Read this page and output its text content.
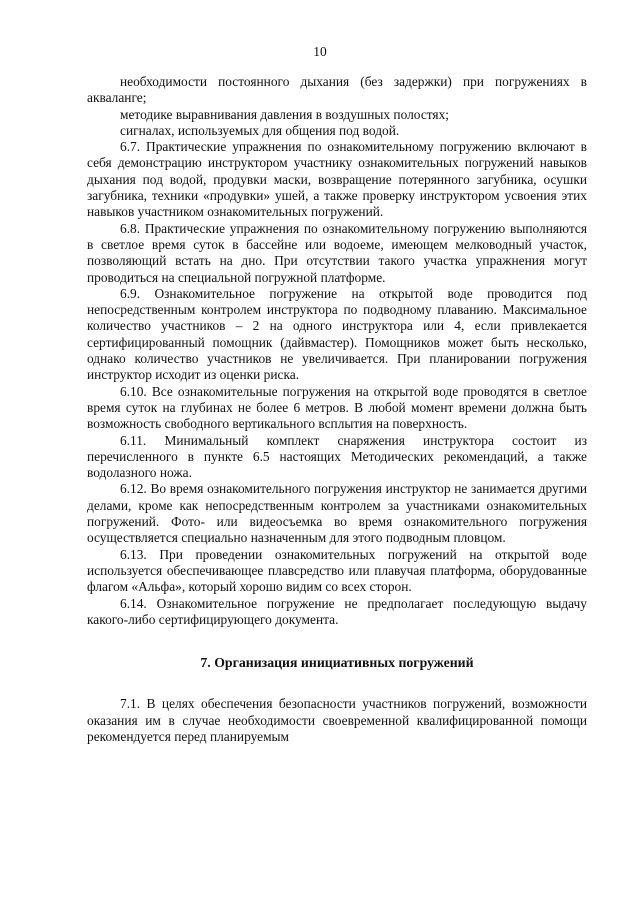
10

необходимости постоянного дыхания (без задержки) при погружениях в акваланге;

методике выравнивания давления в воздушных полостях;

сигналах, используемых для общения под водой.

6.7. Практические упражнения по ознакомительному погружению включают в себя демонстрацию инструктором участнику ознакомительных погружений навыков дыхания под водой, продувки маски, возвращение потерянного загубника, осушки загубника, техники «продувки» ушей, а также проверку инструктором усвоения этих навыков участником ознакомительных погружений.

6.8. Практические упражнения по ознакомительному погружению выполняются в светлое время суток в бассейне или водоеме, имеющем мелководный участок, позволяющий встать на дно. При отсутствии такого участка упражнения могут проводиться на специальной погружной платформе.

6.9. Ознакомительное погружение на открытой воде проводится под непосредственным контролем инструктора по подводному плаванию. Максимальное количество участников – 2 на одного инструктора или 4, если привлекается сертифицированный помощник (дайвмастер). Помощников может быть несколько, однако количество участников не увеличивается. При планировании погружения инструктор исходит из оценки риска.

6.10. Все ознакомительные погружения на открытой воде проводятся в светлое время суток на глубинах не более 6 метров. В любой момент времени должна быть возможность свободного вертикального всплытия на поверхность.

6.11. Минимальный комплект снаряжения инструктора состоит из перечисленного в пункте 6.5 настоящих Методических рекомендаций, а также водолазного ножа.

6.12. Во время ознакомительного погружения инструктор не занимается другими делами, кроме как непосредственным контролем за участниками ознакомительных погружений. Фото- или видеосъемка во время ознакомительного погружения осуществляется специально назначенным для этого подводным пловцом.

6.13. При проведении ознакомительных погружений на открытой воде используется обеспечивающее плавсредство или плавучая платформа, оборудованные флагом «Альфа», который хорошо видим со всех сторон.

6.14. Ознакомительное погружение не предполагает последующую выдачу какого-либо сертифицирующего документа.

7. Организация инициативных погружений

7.1. В целях обеспечения безопасности участников погружений, возможности оказания им в случае необходимости своевременной квалифицированной помощи рекомендуется перед планируемым
